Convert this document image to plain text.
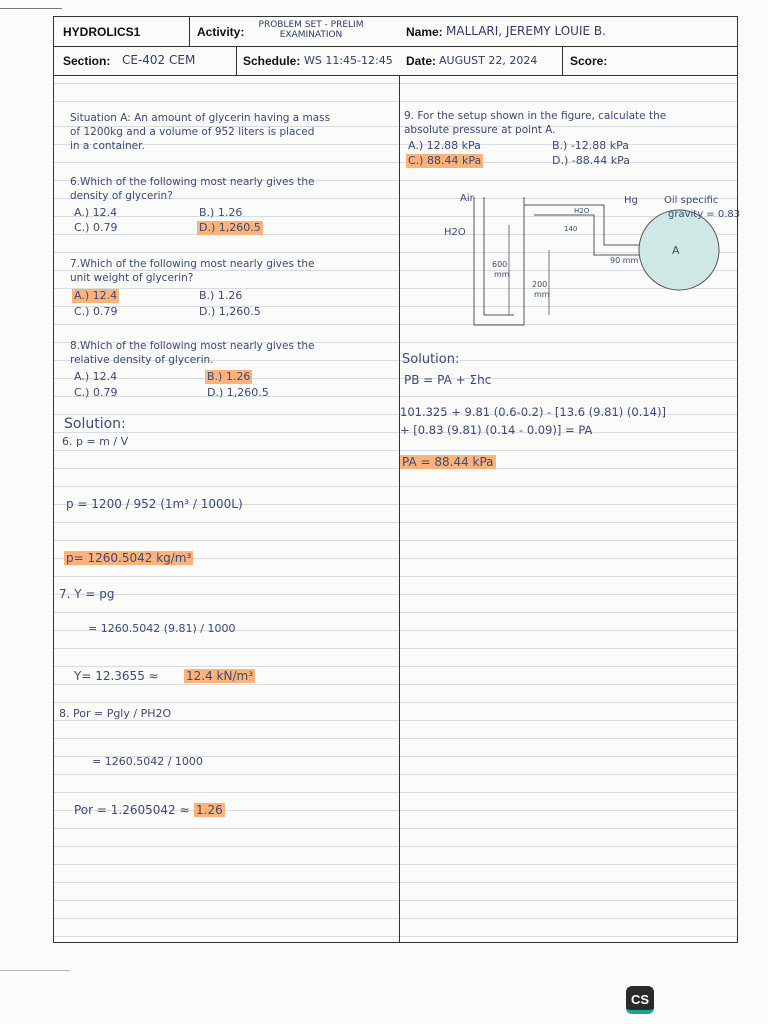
HYDROLICS1	Activity:	PROBLEM SET - PRELIM EXAMINATION	Name: MALLARI, JEREMY LOUIE B.
Section: CE-402 CEM	Schedule: WS 11:45-12:45 Date: AUGUST 22, 2024	Score:
Situation A: An amount of glycerin having a mass
of 1200kg and a volume of 952 liters is placed
in a container.
6.Which of the following most nearly gives the
density of glycerin?
A.) 12.4	B.) 1.26
C.) 0.79	D.) 1,260.5
7.Which of the following most nearly gives the
unit weight of glycerin?
A.) 12.4	B.) 1.26
C.) 0.79	D.) 1,260.5
8.Which of the following most nearly gives the
relative density of glycerin.
A.) 12.4	B.) 1.26
C.) 0.79	D.) 1,260.5
Solution:
6. p = m / V
p = 1200 / 952 (1m³ / 1000L)
p= 1260.5042 kg/m³
7. Y = pg
= 1260.5042 (9.81) / 1000
Y= 12.3655 ≈ 12.4 kN/m³
8. Por = Pgly / PH2O
= 1260.5042 / 1000
Por = 1.2605042 ≈ 1.26
9. For the setup shown in the figure, calculate the
absolute pressure at point A.
A.) 12.88 kPa	B.) -12.88 kPa
C.) 88.44 kPa	D.) -88.44 kPa
Air	Hg
H2O
H2O
140
Oil specific
gravity = 0.83
600
mm
200
mm
90 mm
A
Solution:
PB = PA + Σhc
101.325 + 9.81 (0.6-0.2) - [13.6 (9.81) (0.14)]
+ [0.83 (9.81) (0.14 - 0.09)] = PA
PA = 88.44 kPa
CS
